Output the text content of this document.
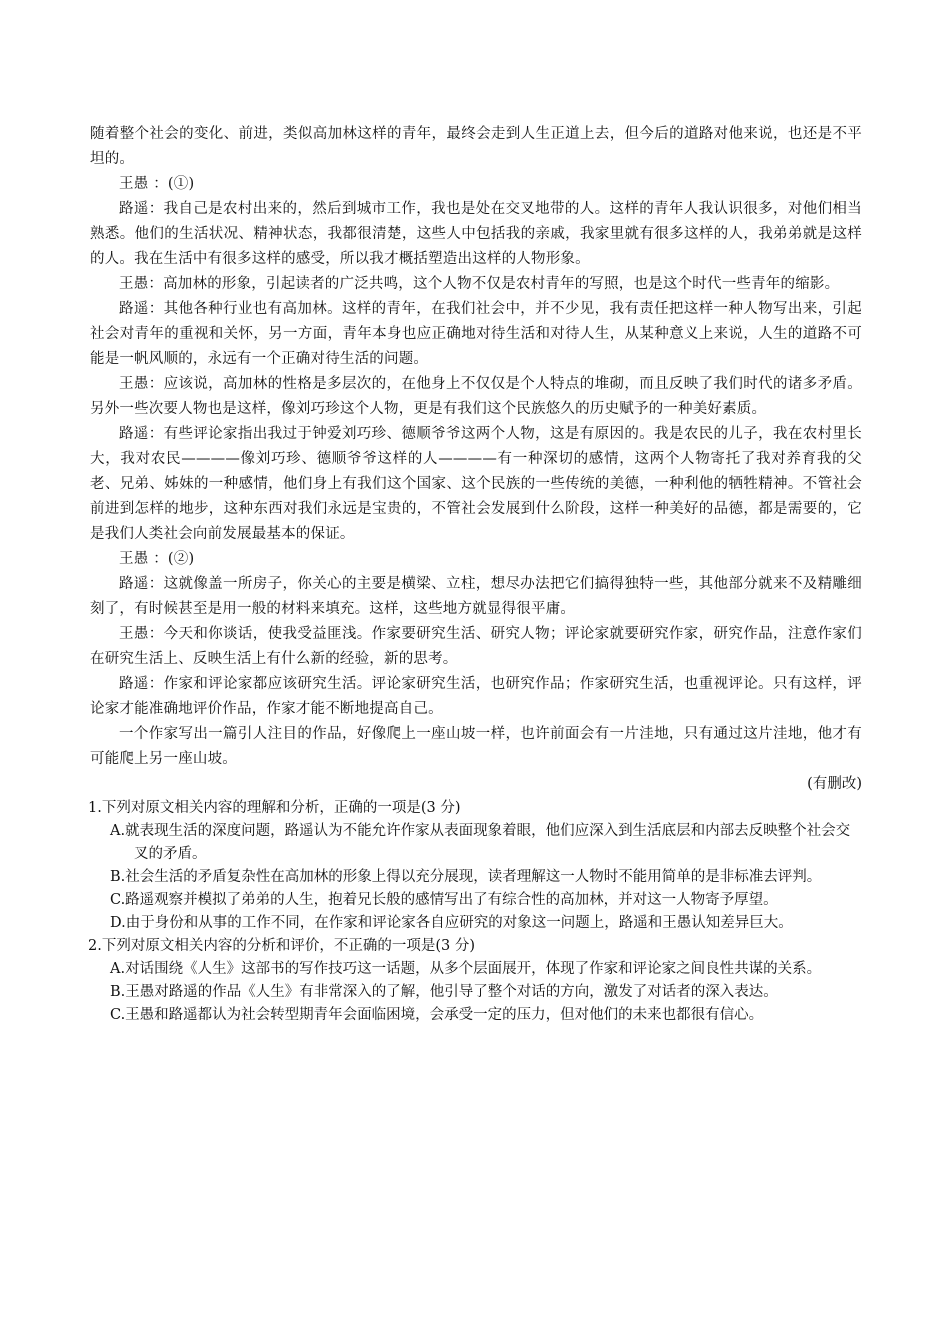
随着整个社会的变化、前进，类似高加林这样的青年，最终会走到人生正道上去，但今后的道路对他来说，也还是不平坦的。

王愚 ：(①)

路遥：我自己是农村出来的，然后到城市工作，我也是处在交叉地带的人。这样的青年人我认识很多，对他们相当熟悉。他们的生活状况、精神状态，我都很清楚，这些人中包括我的亲戚，我家里就有很多这样的人，我弟弟就是这样的人。我在生活中有很多这样的感受，所以我才概括塑造出这样的人物形象。

王愚：高加林的形象，引起读者的广泛共鸣，这个人物不仅是农村青年的写照，也是这个时代一些青年的缩影。

路遥：其他各种行业也有高加林。这样的青年，在我们社会中，并不少见，我有责任把这样一种人物写出来，引起社会对青年的重视和关怀，另一方面，青年本身也应正确地对待生活和对待人生，从某种意义上来说，人生的道路不可能是一帆风顺的，永远有一个正确对待生活的问题。

王愚：应该说，高加林的性格是多层次的，在他身上不仅仅是个人特点的堆砌，而且反映了我们时代的诸多矛盾。另外一些次要人物也是这样，像刘巧珍这个人物，更是有我们这个民族悠久的历史赋予的一种美好素质。

路遥：有些评论家指出我过于钟爱刘巧珍、德顺爷爷这两个人物，这是有原因的。我是农民的儿子，我在农村里长大，我对农民————像刘巧珍、德顺爷爷这样的人————有一种深切的感情，这两个人物寄托了我对养育我的父老、兄弟、姊妹的一种感情，他们身上有我们这个国家、这个民族的一些传统的美德，一种利他的牺牲精神。不管社会前进到怎样的地步，这种东西对我们永远是宝贵的，不管社会发展到什么阶段，这样一种美好的品德，都是需要的，它是我们人类社会向前发展最基本的保证。

王愚 ：(②)

路遥：这就像盖一所房子，你关心的主要是横梁、立柱，想尽办法把它们搞得独特一些，其他部分就来不及精雕细刻了，有时候甚至是用一般的材料来填充。这样，这些地方就显得很平庸。

王愚：今天和你谈话，使我受益匪浅。作家要研究生活、研究人物；评论家就要研究作家，研究作品，注意作家们在研究生活上、反映生活上有什么新的经验，新的思考。

路遥：作家和评论家都应该研究生活。评论家研究生活，也研究作品；作家研究生活，也重视评论。只有这样，评论家才能准确地评价作品，作家才能不断地提高自己。

一个作家写出一篇引人注目的作品，好像爬上一座山坡一样，也许前面会有一片洼地，只有通过这片洼地，他才有可能爬上另一座山坡。

(有删改)

1.下列对原文相关内容的理解和分析，正确的一项是(3 分)

A.就表现生活的深度问题，路遥认为不能允许作家从表面现象着眼，他们应深入到生活底层和内部去反映整个社会交叉的矛盾。

B.社会生活的矛盾复杂性在高加林的形象上得以充分展现，读者理解这一人物时不能用简单的是非标准去评判。

C.路遥观察并模拟了弟弟的人生，抱着兄长般的感情写出了有综合性的高加林，并对这一人物寄予厚望。

D.由于身份和从事的工作不同，在作家和评论家各自应研究的对象这一问题上，路遥和王愚认知差异巨大。

2.下列对原文相关内容的分析和评价，不正确的一项是(3 分)

A.对话围绕《人生》这部书的写作技巧这一话题，从多个层面展开，体现了作家和评论家之间良性共谋的关系。

B.王愚对路遥的作品《人生》有非常深入的了解，他引导了整个对话的方向，激发了对话者的深入表达。

C.王愚和路遥都认为社会转型期青年会面临困境，会承受一定的压力，但对他们的未来也都很有信心。
